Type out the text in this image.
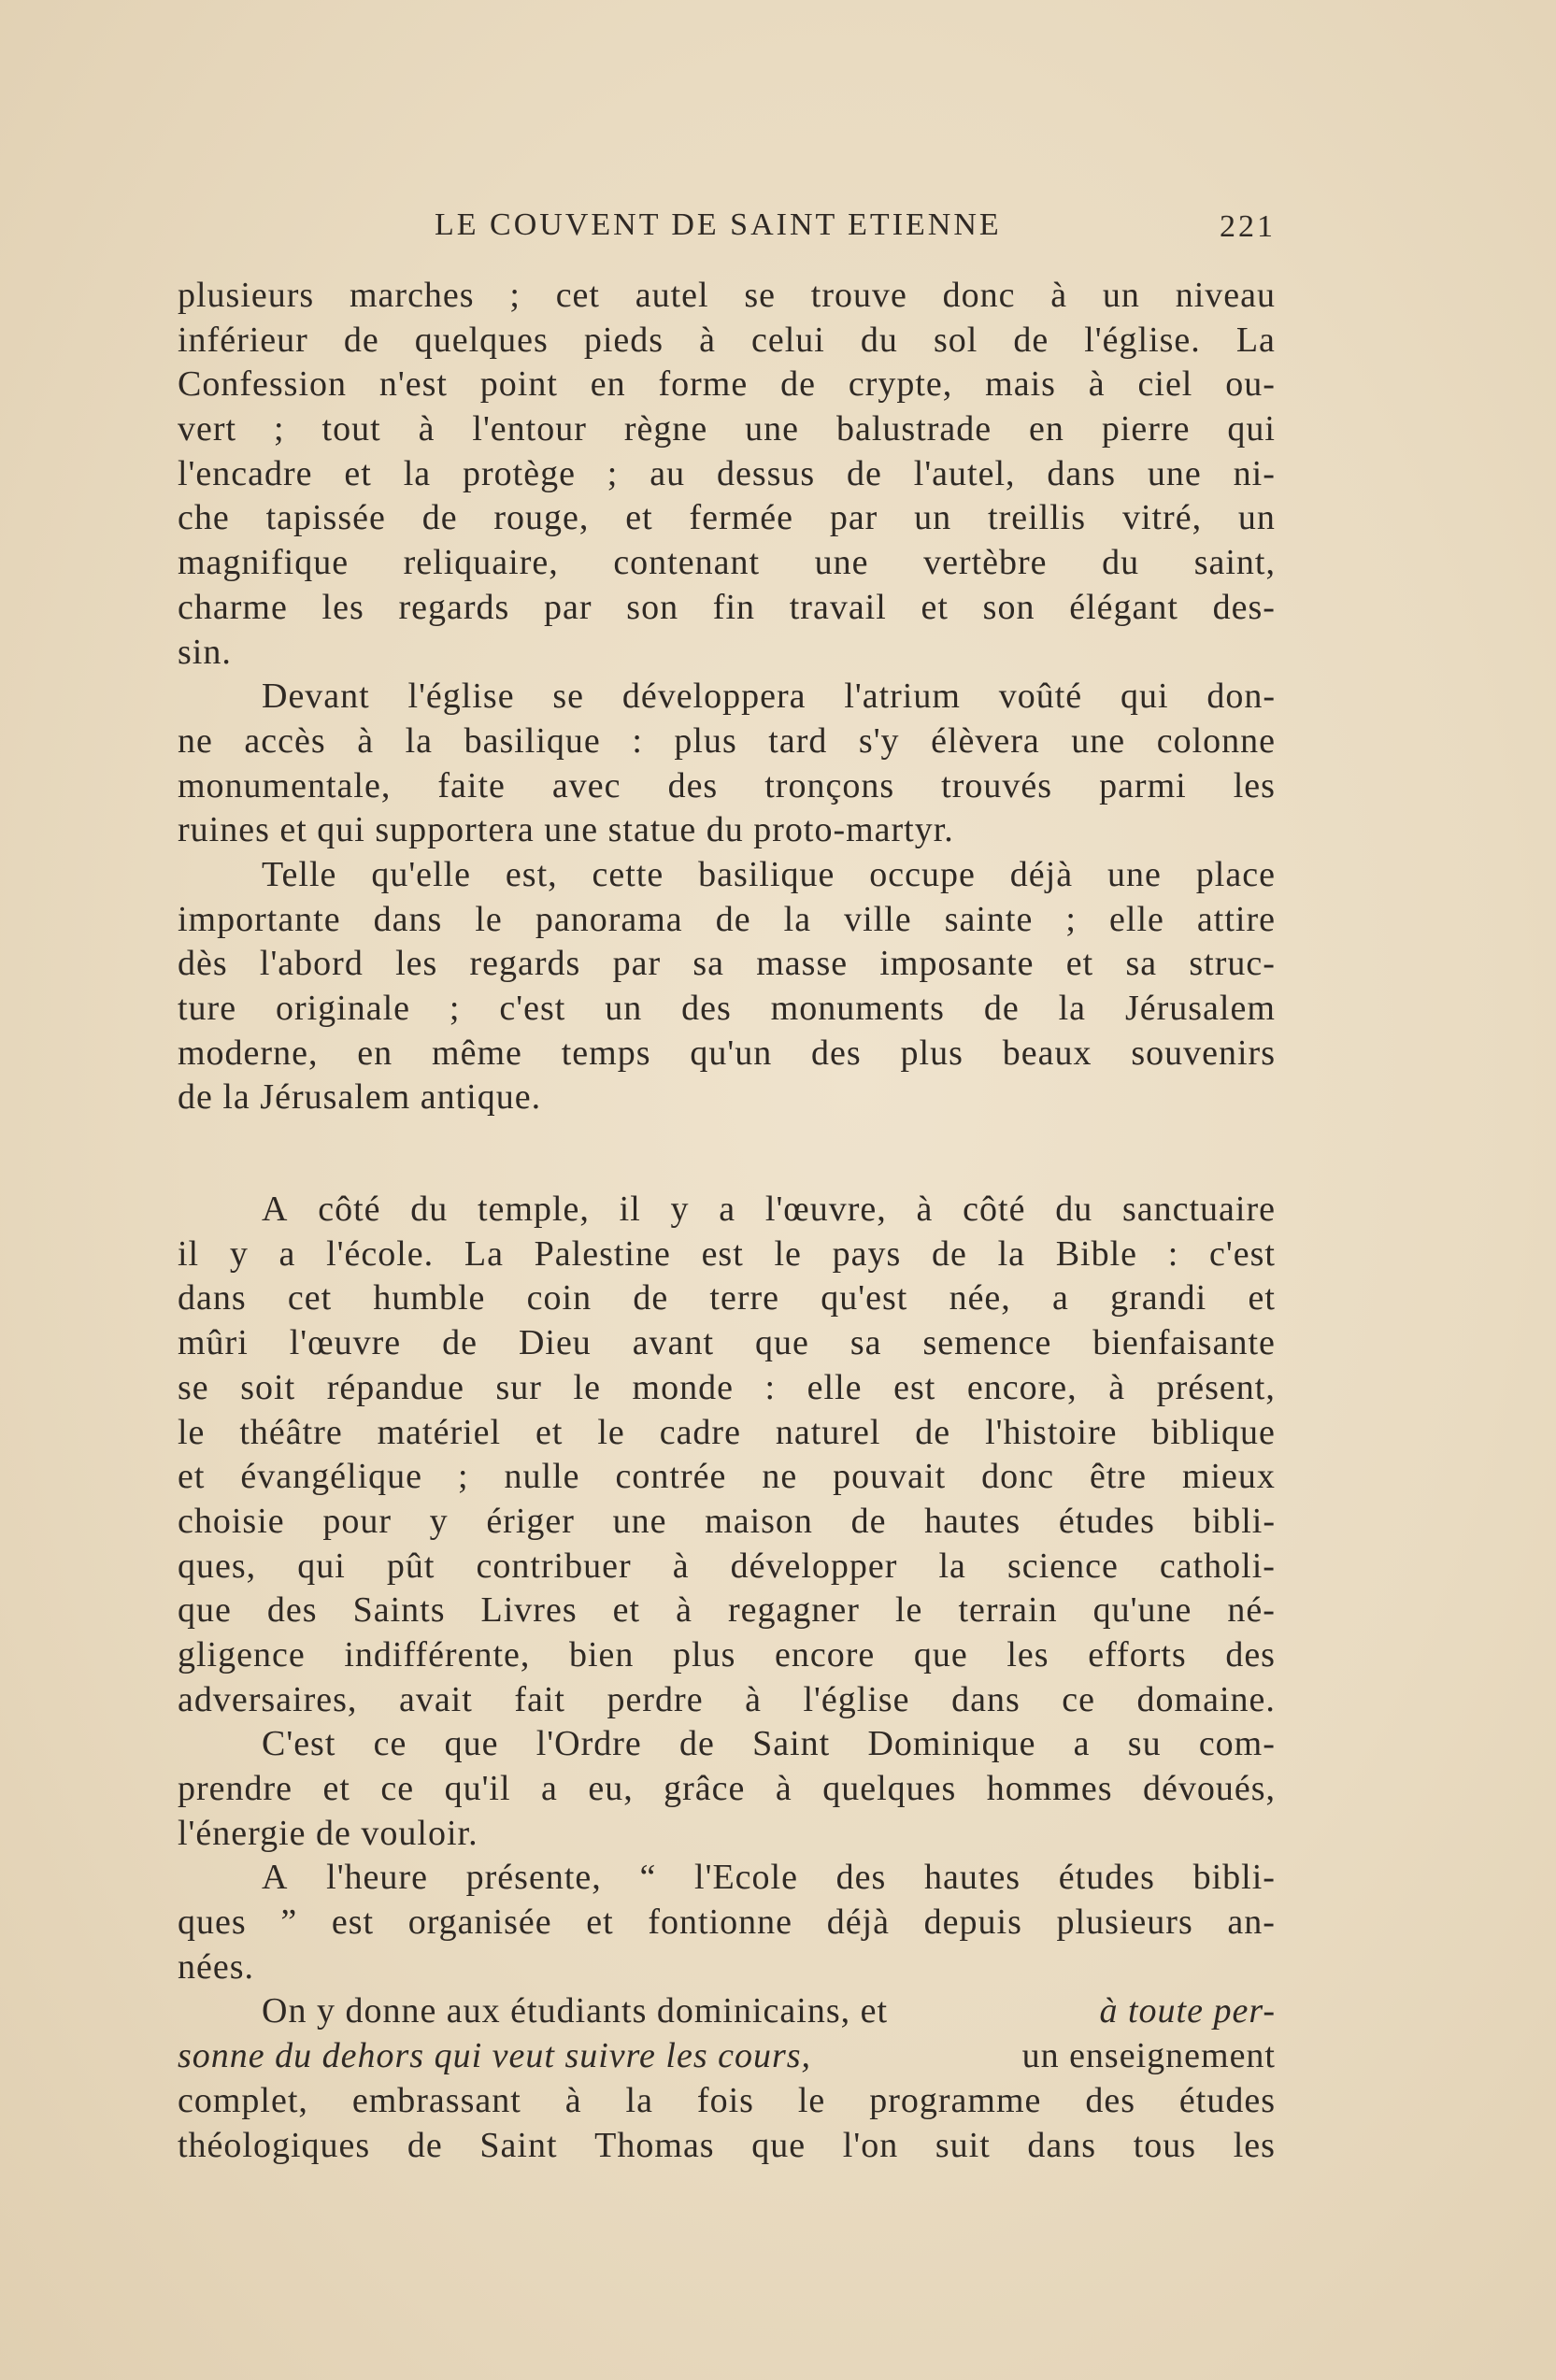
LE COUVENT DE SAINT ETIENNE	221
plusieurs marches ; cet autel se trouve donc à un niveau
inférieur de quelques pieds à celui du sol de l'église. La
Confession n'est point en forme de crypte, mais à ciel ou-
vert ; tout à l'entour règne une balustrade en pierre qui
l'encadre et la protège ; au dessus de l'autel, dans une ni-
che tapissée de rouge, et fermée par un treillis vitré, un
magnifique reliquaire, contenant une vertèbre du saint,
charme les regards par son fin travail et son élégant des-
sin.
Devant l'église se développera l'atrium voûté qui don-
ne accès à la basilique : plus tard s'y élèvera une colonne
monumentale, faite avec des tronçons trouvés parmi les
ruines et qui supportera une statue du proto-martyr.
Telle qu'elle est, cette basilique occupe déjà une place
importante dans le panorama de la ville sainte ; elle attire
dès l'abord les regards par sa masse imposante et sa struc-
ture originale ; c'est un des monuments de la Jérusalem
moderne, en même temps qu'un des plus beaux souvenirs
de la Jérusalem antique.
A côté du temple, il y a l'œuvre, à côté du sanctuaire
il y a l'école. La Palestine est le pays de la Bible : c'est
dans cet humble coin de terre qu'est née, a grandi et
mûri l'œuvre de Dieu avant que sa semence bienfaisante
se soit répandue sur le monde : elle est encore, à présent,
le théâtre matériel et le cadre naturel de l'histoire biblique
et évangélique ; nulle contrée ne pouvait donc être mieux
choisie pour y ériger une maison de hautes études bibli-
ques, qui pût contribuer à développer la science catholi-
que des Saints Livres et à regagner le terrain qu'une né-
gligence indifférente, bien plus encore que les efforts des
adversaires, avait fait perdre à l'église dans ce domaine.
C'est ce que l'Ordre de Saint Dominique a su com-
prendre et ce qu'il a eu, grâce à quelques hommes dévoués,
l'énergie de vouloir.
A l'heure présente, “ l'Ecole des hautes études bibli-
ques ” est organisée et fontionne déjà depuis plusieurs an-
nées.
On y donne aux étudiants dominicains, et	à toute per-
sonne du dehors qui veut suivre les cours,	un enseignement
complet, embrassant à la fois le programme des études
théologiques de Saint Thomas que l'on suit dans tous les
